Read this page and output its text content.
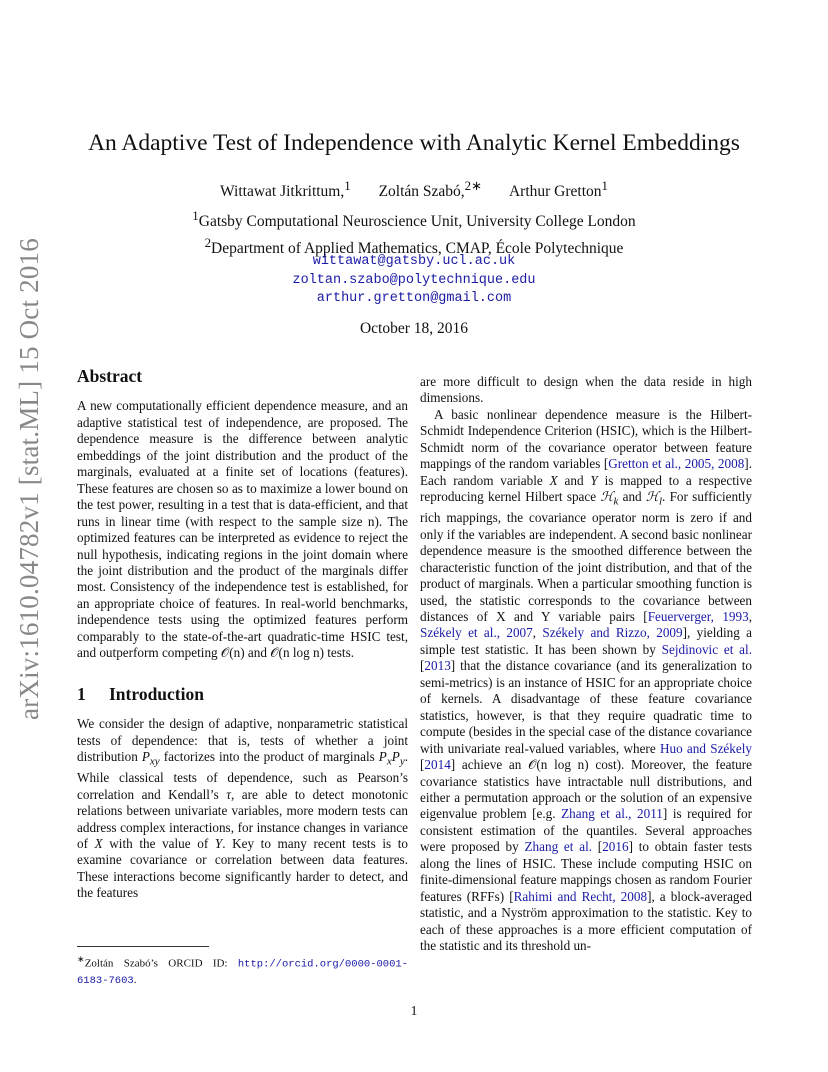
arXiv:1610.04782v1 [stat.ML] 15 Oct 2016
An Adaptive Test of Independence with Analytic Kernel Embeddings
Wittawat Jitkrittum,$^1$ Zoltán Szabó,$^{2∗}$ Arthur Gretton$^1$
$^1$Gatsby Computational Neuroscience Unit, University College London
$^2$Department of Applied Mathematics, CMAP, École Polytechnique
wittawat@gatsby.ucl.ac.uk
zoltan.szabo@polytechnique.edu
arthur.gretton@gmail.com
October 18, 2016
Abstract

A new computationally efficient dependence measure, and an adaptive statistical test of independence, are proposed. The dependence measure is the difference between analytic embeddings of the joint distribution and the product of the marginals, evaluated at a finite set of locations (features). These features are chosen so as to maximize a lower bound on the test power, resulting in a test that is data-efficient, and that runs in linear time (with respect to the sample size n). The optimized features can be interpreted as evidence to reject the null hypothesis, indicating regions in the joint domain where the joint distribution and the product of the marginals differ most. Consistency of the independence test is established, for an appropriate choice of features. In real-world benchmarks, independence tests using the optimized features perform comparably to the state-of-the-art quadratic-time HSIC test, and outperform competing 𝒪(n) and 𝒪(n log n) tests.

1 Introduction

We consider the design of adaptive, nonparametric statistical tests of dependence: that is, tests of whether a joint distribution $P_{xy}$ factorizes into the product of marginals $P_xP_y$. While classical tests of dependence, such as Pearson’s correlation and Kendall’s τ, are able to detect monotonic relations between univariate variables, more modern tests can address complex interactions, for instance changes in variance of X with the value of Y. Key to many recent tests is to examine covariance or correlation between data features. These interactions become significantly harder to detect, and the features

∗Zoltán Szabó’s ORCID ID: http://orcid.org/0000-0001-6183-7603.

are more difficult to design when the data reside in high dimensions.

A basic nonlinear dependence measure is the Hilbert-Schmidt Independence Criterion (HSIC), which is the Hilbert-Schmidt norm of the covariance operator between feature mappings of the random variables [Gretton et al., 2005, 2008]. Each random variable X and Y is mapped to a respective reproducing kernel Hilbert space ℋ$_k$ and ℋ$_l$. For sufficiently rich mappings, the covariance operator norm is zero if and only if the variables are independent. A second basic nonlinear dependence measure is the smoothed difference between the characteristic function of the joint distribution, and that of the product of marginals. When a particular smoothing function is used, the statistic corresponds to the covariance between distances of X and Y variable pairs [Feuerverger, 1993, Székely et al., 2007, Székely and Rizzo, 2009], yielding a simple test statistic. It has been shown by Sejdinovic et al. [2013] that the distance covariance (and its generalization to semi-metrics) is an instance of HSIC for an appropriate choice of kernels. A disadvantage of these feature covariance statistics, however, is that they require quadratic time to compute (besides in the special case of the distance covariance with univariate real-valued variables, where Huo and Székely [2014] achieve an 𝒪(n log n) cost). Moreover, the feature covariance statistics have intractable null distributions, and either a permutation approach or the solution of an expensive eigenvalue problem [e.g. Zhang et al., 2011] is required for consistent estimation of the quantiles. Several approaches were proposed by Zhang et al. [2016] to obtain faster tests along the lines of HSIC. These include computing HSIC on finite-dimensional feature mappings chosen as random Fourier features (RFFs) [Rahimi and Recht, 2008], a block-averaged statistic, and a Nyström approximation to the statistic. Key to each of these approaches is a more efficient computation of the statistic and its threshold un-

1
